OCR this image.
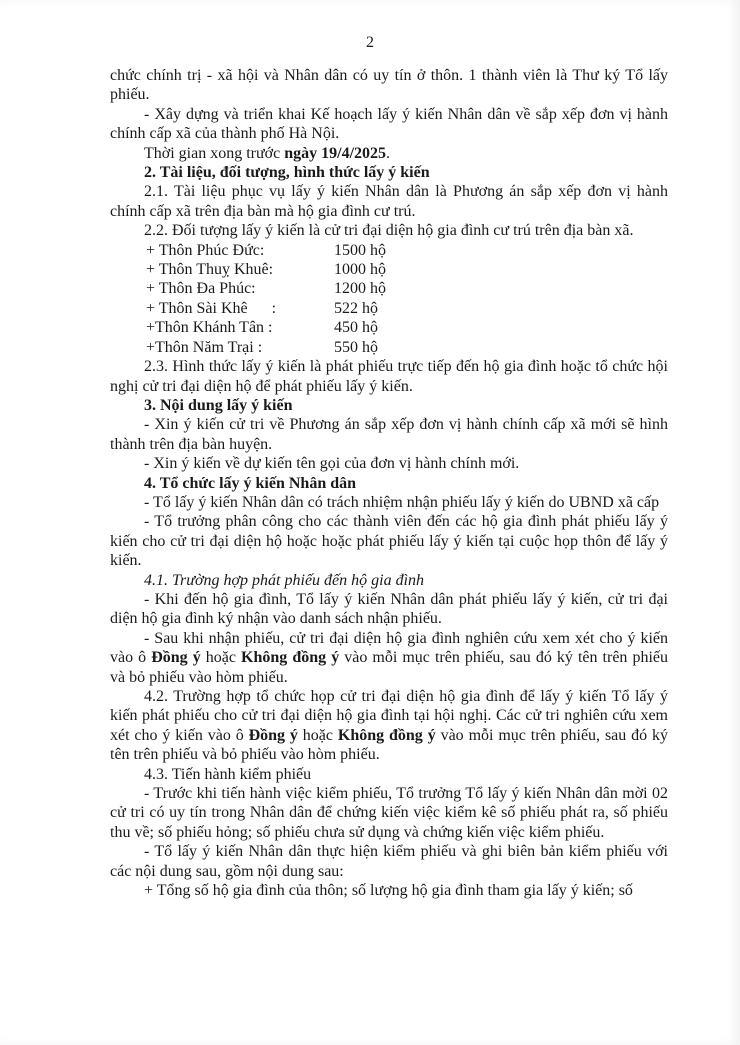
2

chức chính trị - xã hội và Nhân dân có uy tín ở thôn. 1 thành viên là Thư ký Tổ lấy phiếu.

- Xây dựng và triển khai Kế hoạch lấy ý kiến Nhân dân về sắp xếp đơn vị hành chính cấp xã của thành phố Hà Nội.

Thời gian xong trước ngày 19/4/2025.

2. Tài liệu, đối tượng, hình thức lấy ý kiến

2.1. Tài liệu phục vụ lấy ý kiến Nhân dân là Phương án sắp xếp đơn vị hành chính cấp xã trên địa bàn mà hộ gia đình cư trú.

2.2. Đối tượng lấy ý kiến là cử tri đại diện hộ gia đình cư trú trên địa bàn xã.

+ Thôn Phúc Đức:	1500 hộ
+ Thôn Thuỵ Khuê:	1000 hộ
+ Thôn Đa Phúc:	1200 hộ
+ Thôn Sài Khê      :	522 hộ
+Thôn Khánh Tân :	450 hộ
+Thôn Năm Trại :	550 hộ

2.3. Hình thức lấy ý kiến là phát phiếu trực tiếp đến hộ gia đình hoặc tổ chức hội nghị cử tri đại diện hộ để phát phiếu lấy ý kiến.

3. Nội dung lấy ý kiến

- Xin ý kiến cử tri về Phương án sắp xếp đơn vị hành chính cấp xã mới sẽ hình thành trên địa bàn huyện.

- Xin ý kiến về dự kiến tên gọi của đơn vị hành chính mới.

4. Tổ chức lấy ý kiến Nhân dân

- Tổ lấy ý kiến Nhân dân có trách nhiệm nhận phiếu lấy ý kiến do UBND xã cấp

- Tổ trưởng phân công cho các thành viên đến các hộ gia đình phát phiếu lấy ý kiến cho cử tri đại diện hộ hoặc hoặc phát phiếu lấy ý kiến tại cuộc họp thôn để lấy ý kiến.

4.1. Trường hợp phát phiếu đến hộ gia đình

- Khi đến hộ gia đình, Tổ lấy ý kiến Nhân dân phát phiếu lấy ý kiến, cử tri đại diện hộ gia đình ký nhận vào danh sách nhận phiếu.

- Sau khi nhận phiếu, cử tri đại diện hộ gia đình nghiên cứu xem xét cho ý kiến vào ô Đồng ý hoặc Không đồng ý vào mỗi mục trên phiếu, sau đó ký tên trên phiếu và bỏ phiếu vào hòm phiếu.

4.2. Trường hợp tổ chức họp cử tri đại diện hộ gia đình để lấy ý kiến Tổ lấy ý kiến phát phiếu cho cử tri đại diện hộ gia đình tại hội nghị. Các cử tri nghiên cứu xem xét cho ý kiến vào ô Đồng ý hoặc Không đồng ý vào mỗi mục trên phiếu, sau đó ký tên trên phiếu và bỏ phiếu vào hòm phiếu.

4.3. Tiến hành kiểm phiếu

- Trước khi tiến hành việc kiểm phiếu, Tổ trưởng Tổ lấy ý kiến Nhân dân mời 02 cử tri có uy tín trong Nhân dân để chứng kiến việc kiểm kê số phiếu phát ra, số phiếu thu về; số phiếu hỏng; số phiếu chưa sử dụng và chứng kiến việc kiểm phiếu.

- Tổ lấy ý kiến Nhân dân thực hiện kiểm phiếu và ghi biên bản kiểm phiếu với các nội dung sau, gồm nội dung sau:

+ Tổng số hộ gia đình của thôn; số lượng hộ gia đình tham gia lấy ý kiến; số
